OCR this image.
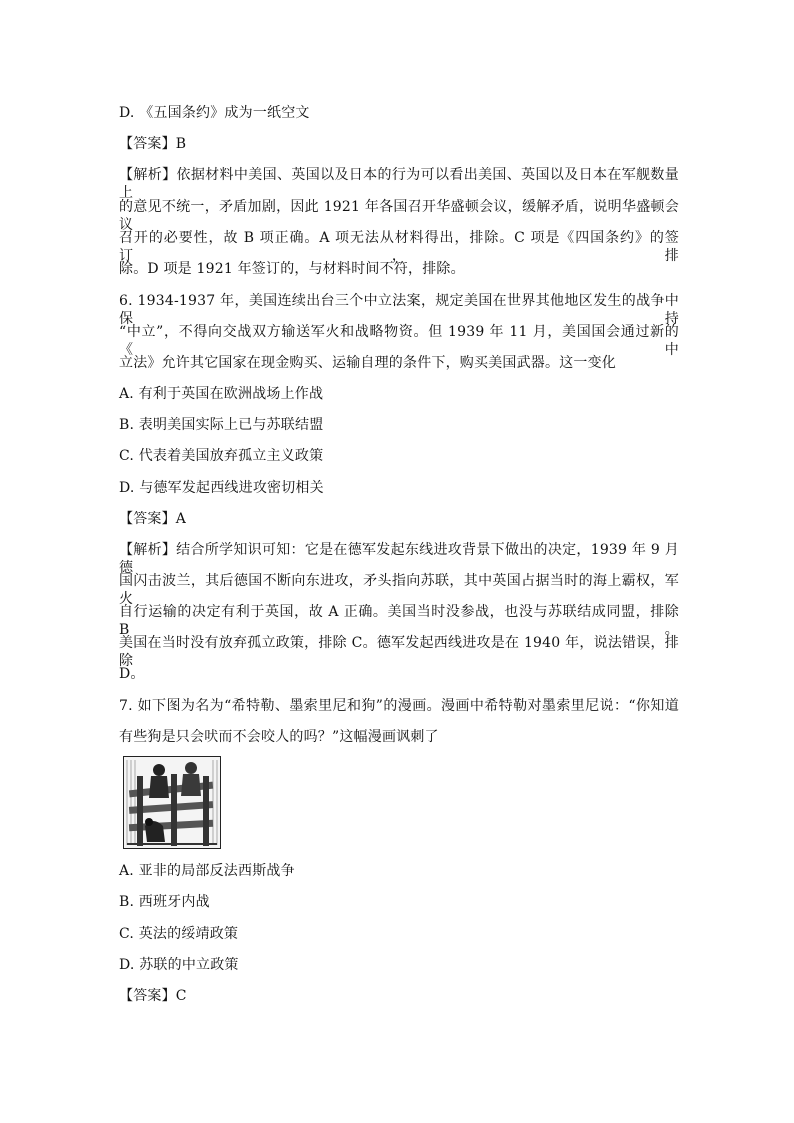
D. 《五国条约》成为一纸空文
【答案】B
【解析】依据材料中美国、英国以及日本的行为可以看出美国、英国以及日本在军舰数量上
的意见不统一，矛盾加剧，因此 1921 年各国召开华盛顿会议，缓解矛盾，说明华盛顿会议
召开的必要性，故 B 项正确。A 项无法从材料得出，排除。C 项是《四国条约》的签订，排
除。D 项是 1921 年签订的，与材料时间不符，排除。
6. 1934-1937 年，美国连续出台三个中立法案，规定美国在世界其他地区发生的战争中保持
“中立”，不得向交战双方输送军火和战略物资。但 1939 年 11 月，美国国会通过新的《中
立法》允许其它国家在现金购买、运输自理的条件下，购买美国武器。这一变化
A. 有利于英国在欧洲战场上作战
B. 表明美国实际上已与苏联结盟
C. 代表着美国放弃孤立主义政策
D. 与德军发起西线进攻密切相关
【答案】A
【解析】结合所学知识可知：它是在德军发起东线进攻背景下做出的决定，1939 年 9 月德
国闪击波兰，其后德国不断向东进攻，矛头指向苏联，其中英国占据当时的海上霸权，军火
自行运输的决定有利于英国，故 A 正确。美国当时没参战，也没与苏联结成同盟，排除 B。
美国在当时没有放弃孤立政策，排除 C。德军发起西线进攻是在 1940 年，说法错误，排除
D。
7. 如下图为名为“希特勒、墨索里尼和狗”的漫画。漫画中希特勒对墨索里尼说：“你知道
有些狗是只会吠而不会咬人的吗？”这幅漫画讽刺了
A. 亚非的局部反法西斯战争
B. 西班牙内战
C. 英法的绥靖政策
D. 苏联的中立政策
【答案】C
